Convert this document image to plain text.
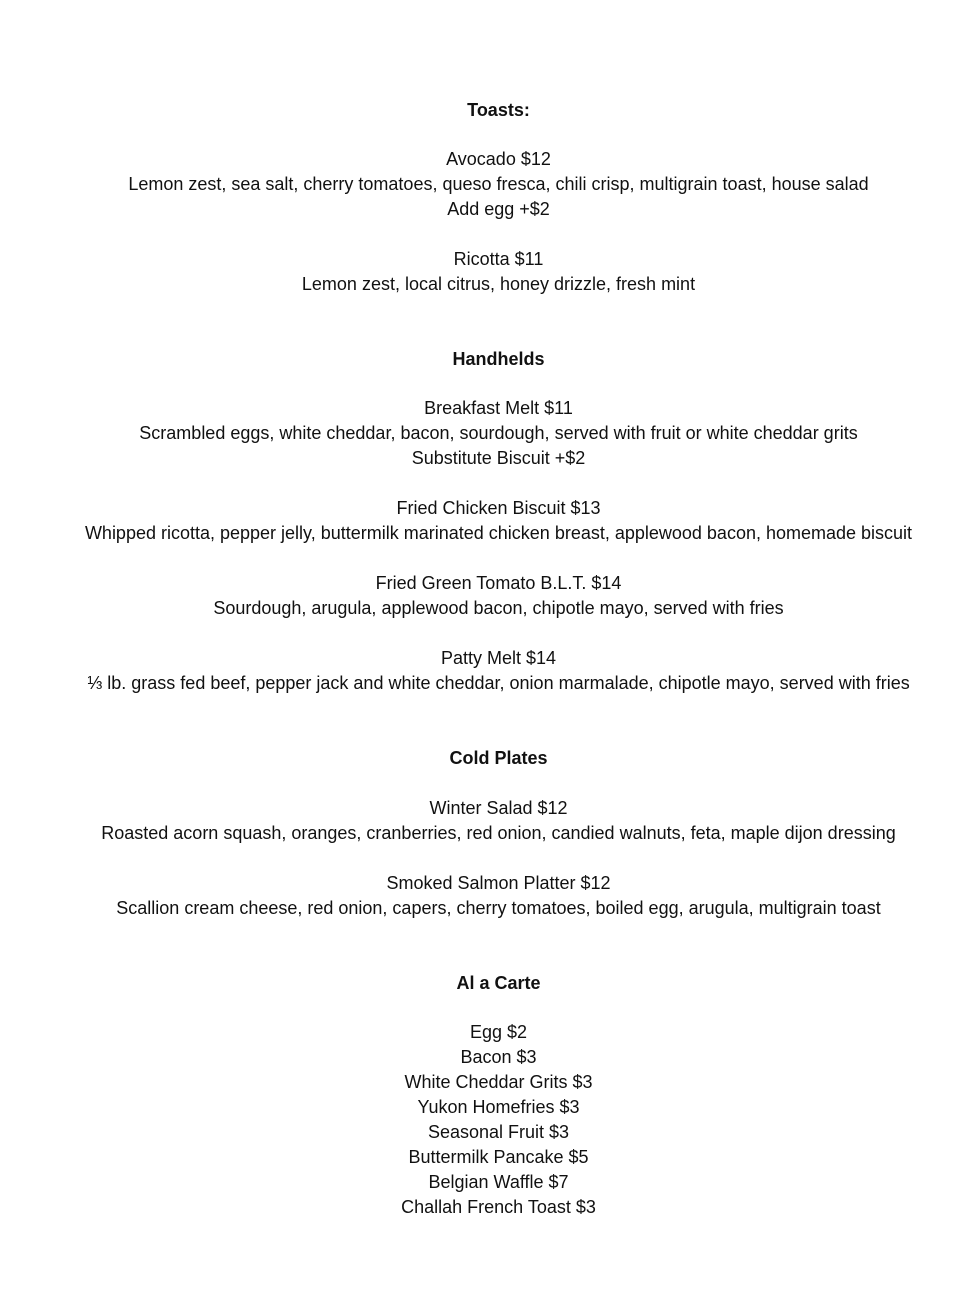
Toasts:
Avocado $12
Lemon zest, sea salt, cherry tomatoes, queso fresca, chili crisp, multigrain toast, house salad
Add egg +$2
Ricotta $11
Lemon zest, local citrus, honey drizzle, fresh mint
Handhelds
Breakfast Melt $11
Scrambled eggs, white cheddar, bacon, sourdough, served with fruit or white cheddar grits
Substitute Biscuit +$2
Fried Chicken Biscuit $13
Whipped ricotta, pepper jelly, buttermilk marinated chicken breast, applewood bacon, homemade biscuit
Fried Green Tomato B.L.T. $14
Sourdough, arugula, applewood bacon, chipotle mayo, served with fries
Patty Melt $14
⅓ lb. grass fed beef, pepper jack and white cheddar, onion marmalade, chipotle mayo, served with fries
Cold Plates
Winter Salad $12
Roasted acorn squash, oranges, cranberries, red onion, candied walnuts, feta, maple dijon dressing
Smoked Salmon Platter $12
Scallion cream cheese, red onion, capers, cherry tomatoes, boiled egg, arugula, multigrain toast
Al a Carte
Egg $2
Bacon $3
White Cheddar Grits $3
Yukon Homefries $3
Seasonal Fruit $3
Buttermilk Pancake $5
Belgian Waffle $7
Challah French Toast $3
